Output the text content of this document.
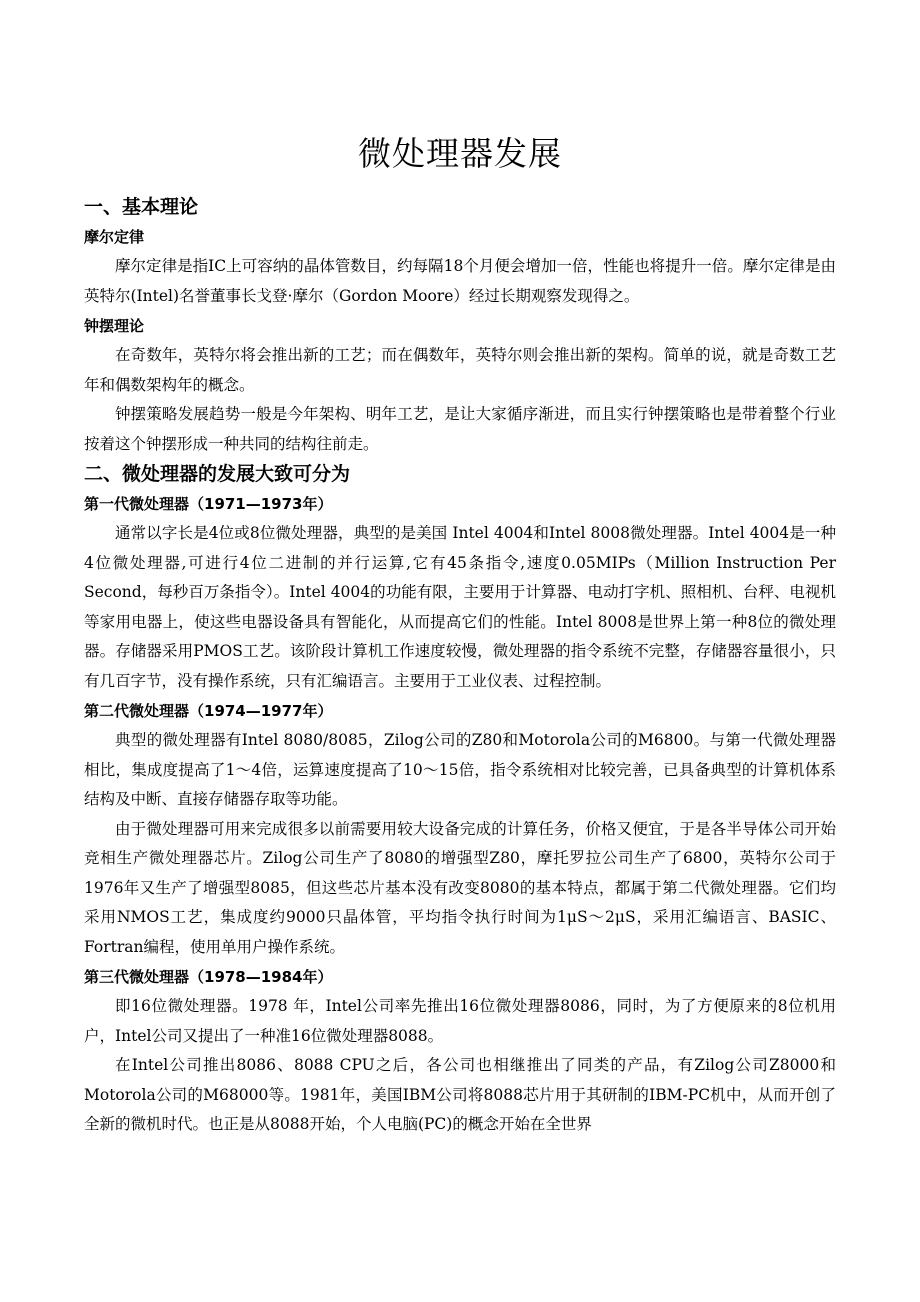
微处理器发展
一、基本理论
摩尔定律

摩尔定律是指IC上可容纳的晶体管数目，约每隔18个月便会增加一倍，性能也将提升一倍。摩尔定律是由英特尔(Intel)名誉董事长戈登·摩尔（Gordon Moore）经过长期观察发现得之。

钟摆理论

在奇数年，英特尔将会推出新的工艺；而在偶数年，英特尔则会推出新的架构。简单的说，就是奇数工艺年和偶数架构年的概念。

钟摆策略发展趋势一般是今年架构、明年工艺，是让大家循序渐进，而且实行钟摆策略也是带着整个行业按着这个钟摆形成一种共同的结构往前走。

二、微处理器的发展大致可分为
第一代微处理器（1971—1973年）

通常以字长是4位或8位微处理器，典型的是美国 Intel 4004和Intel 8008微处理器。Intel 4004是一种4位微处理器,可进行4位二进制的并行运算,它有45条指令,速度0.05MIPs（Million Instruction Per Second，每秒百万条指令）。Intel 4004的功能有限，主要用于计算器、电动打字机、照相机、台秤、电视机等家用电器上，使这些电器设备具有智能化，从而提高它们的性能。Intel 8008是世界上第一种8位的微处理器。存储器采用PMOS工艺。该阶段计算机工作速度较慢，微处理器的指令系统不完整，存储器容量很小，只有几百字节，没有操作系统，只有汇编语言。主要用于工业仪表、过程控制。

第二代微处理器（1974—1977年）

典型的微处理器有Intel 8080/8085，Zilog公司的Z80和Motorola公司的M6800。与第一代微处理器相比，集成度提高了1～4倍，运算速度提高了10～15倍，指令系统相对比较完善，已具备典型的计算机体系结构及中断、直接存储器存取等功能。

由于微处理器可用来完成很多以前需要用较大设备完成的计算任务，价格又便宜，于是各半导体公司开始竞相生产微处理器芯片。Zilog公司生产了8080的增强型Z80，摩托罗拉公司生产了6800，英特尔公司于1976年又生产了增强型8085，但这些芯片基本没有改变8080的基本特点，都属于第二代微处理器。它们均采用NMOS工艺，集成度约9000只晶体管，平均指令执行时间为1μS～2μS，采用汇编语言、BASIC、Fortran编程，使用单用户操作系统。

第三代微处理器（1978—1984年）

即16位微处理器。1978 年，Intel公司率先推出16位微处理器8086，同时，为了方便原来的8位机用户，Intel公司又提出了一种准16位微处理器8088。

在Intel公司推出8086、8088 CPU之后，各公司也相继推出了同类的产品，有Zilog公司Z8000和Motorola公司的M68000等。1981年，美国IBM公司将8088芯片用于其研制的IBM-PC机中，从而开创了全新的微机时代。也正是从8088开始，个人电脑(PC)的概念开始在全世界
